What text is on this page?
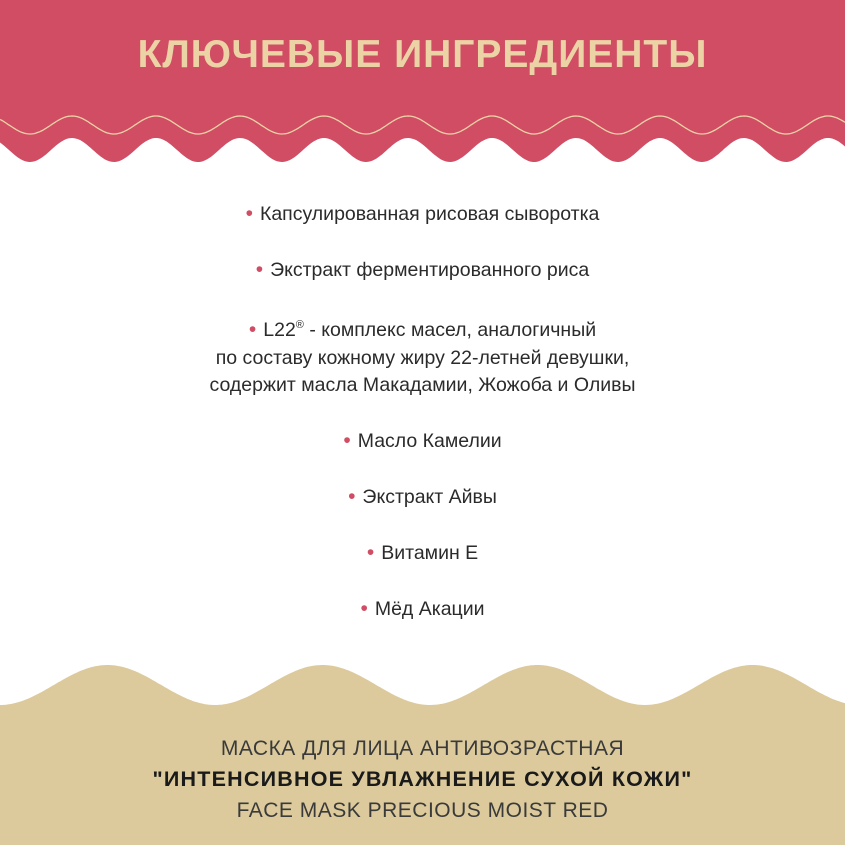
КЛЮЧЕВЫЕ ИНГРЕДИЕНТЫ
• Капсулированная рисовая сыворотка
• Экстракт ферментированного риса
• L22® - комплекс масел, аналогичный
по составу кожному жиру 22-летней девушки,
содержит масла Макадамии, Жожоба и Оливы
• Масло Камелии
• Экстракт Айвы
• Витамин Е
• Мёд Акации

МАСКА ДЛЯ ЛИЦА АНТИВОЗРАСТНАЯ
"ИНТЕНСИВНОЕ УВЛАЖНЕНИЕ СУХОЙ КОЖИ"
FACE MASK PRECIOUS MOIST RED
